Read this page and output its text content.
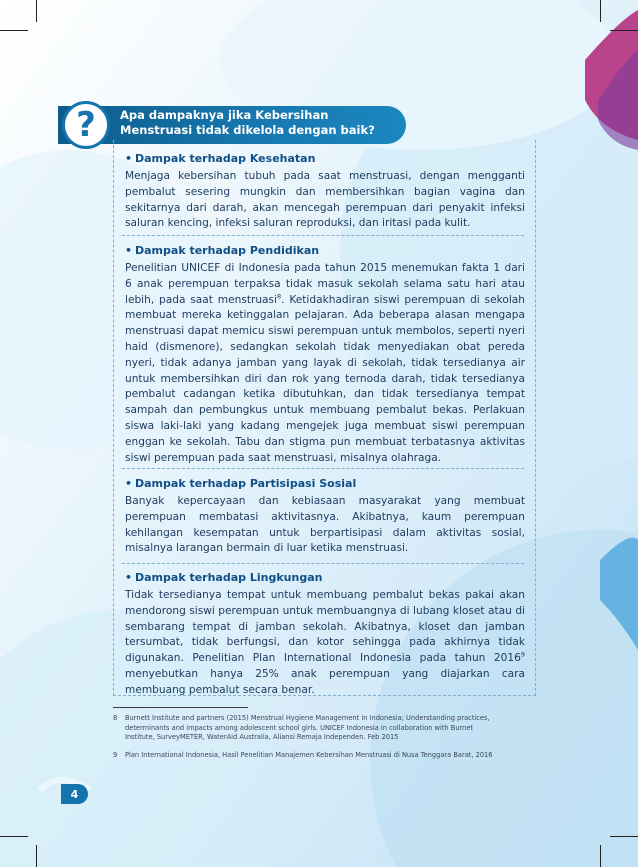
? Apa dampaknya jika Kebersihan Menstruasi tidak dikelola dengan baik?
• Dampak terhadap Kesehatan
Menjaga kebersihan tubuh pada saat menstruasi, dengan mengganti pembalut sesering mungkin dan membersihkan bagian vagina dan sekitarnya dari darah, akan mencegah perempuan dari penyakit infeksi saluran kencing, infeksi saluran reproduksi, dan iritasi pada kulit.
• Dampak terhadap Pendidikan
Penelitian UNICEF di Indonesia pada tahun 2015 menemukan fakta 1 dari 6 anak perempuan terpaksa tidak masuk sekolah selama satu hari atau lebih, pada saat menstruasi$^8$. Ketidakhadiran siswi perempuan di sekolah membuat mereka ketinggalan pelajaran. Ada beberapa alasan mengapa menstruasi dapat memicu siswi perempuan untuk membolos, seperti nyeri haid (dismenore), sedangkan sekolah tidak menyediakan obat pereda nyeri, tidak adanya jamban yang layak di sekolah, tidak tersedianya air untuk membersihkan diri dan rok yang ternoda darah, tidak tersedianya pembalut cadangan ketika dibutuhkan, dan tidak tersedianya tempat sampah dan pembungkus untuk membuang pembalut bekas. Perlakuan siswa laki-laki yang kadang mengejek juga membuat siswi perempuan enggan ke sekolah. Tabu dan stigma pun membuat terbatasnya aktivitas siswi perempuan pada saat menstruasi, misalnya olahraga.
• Dampak terhadap Partisipasi Sosial
Banyak kepercayaan dan kebiasaan masyarakat yang membuat perempuan membatasi aktivitasnya. Akibatnya, kaum perempuan kehilangan kesempatan untuk berpartisipasi dalam aktivitas sosial, misalnya larangan bermain di luar ketika menstruasi.
• Dampak terhadap Lingkungan
Tidak tersedianya tempat untuk membuang pembalut bekas pakai akan mendorong siswi perempuan untuk membuangnya di lubang kloset atau di sembarang tempat di jamban sekolah. Akibatnya, kloset dan jamban tersumbat, tidak berfungsi, dan kotor sehingga pada akhirnya tidak digunakan. Penelitian Plan International Indonesia pada tahun 2016$^9$ menyebutkan hanya 25% anak perempuan yang diajarkan cara membuang pembalut secara benar.
8 Burnett Institute and partners (2015) Menstrual Hygiene Management in Indonesia; Understanding practices, determinants and impacts among adolescent school girls. UNICEF Indonesia in collaboration with Burnet Institute, SurveyMETER, WaterAid Australia, Aliansi Remaja Independen. Feb 2015
9 Plan International Indonesia, Hasil Penelitian Manajemen Kebersihan Menstruasi di Nusa Tenggara Barat, 2016
4
